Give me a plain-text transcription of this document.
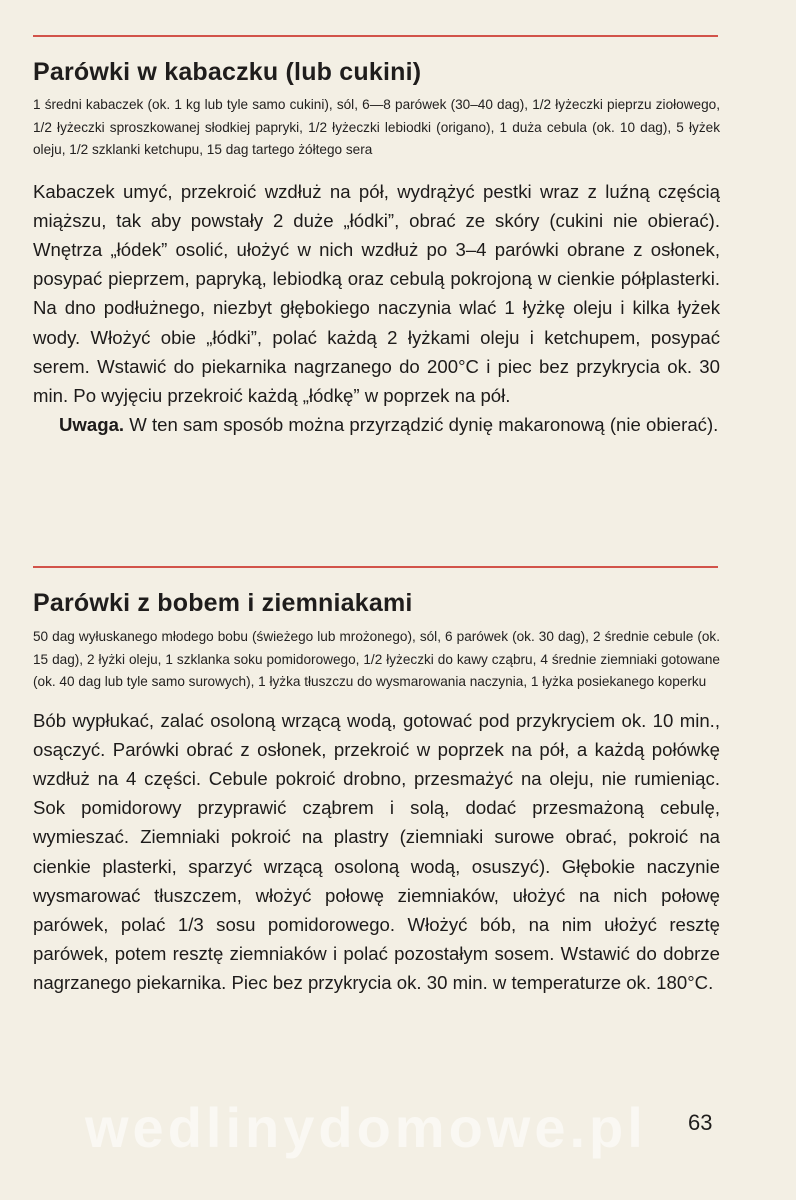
Parówki w kabaczku (lub cukini)

1 średni kabaczek (ok. 1 kg lub tyle samo cukini), sól, 6—8 parówek (30–40 dag), 1/2 łyżeczki pieprzu ziołowego, 1/2 łyżeczki sproszkowanej słodkiej papryki, 1/2 łyżeczki lebiodki (origano), 1 duża cebula (ok. 10 dag), 5 łyżek oleju, 1/2 szklanki ketchupu, 15 dag tartego żółtego sera

Kabaczek umyć, przekroić wzdłuż na pół, wydrążyć pestki wraz z luźną częścią miąższu, tak aby powstały 2 duże „łódki”, obrać ze skóry (cukini nie obierać). Wnętrza „łódek” osolić, ułożyć w nich wzdłuż po 3–4 parówki obrane z osłonek, posypać pieprzem, papryką, lebiodką oraz cebulą pokrojoną w cienkie półplasterki. Na dno podłużnego, niezbyt głębokiego naczynia wlać 1 łyżkę oleju i kilka łyżek wody. Włożyć obie „łódki”, polać każdą 2 łyżkami oleju i ketchupem, posypać serem. Wstawić do piekarnika nagrzanego do 200°C i piec bez przykrycia ok. 30 min. Po wyjęciu przekroić każdą „łódkę” w poprzek na pół.

Uwaga. W ten sam sposób można przyrządzić dynię makaronową (nie obierać).

Parówki z bobem i ziemniakami

50 dag wyłuskanego młodego bobu (świeżego lub mrożonego), sól, 6 parówek (ok. 30 dag), 2 średnie cebule (ok. 15 dag), 2 łyżki oleju, 1 szklanka soku pomidorowego, 1/2 łyżeczki do kawy cząbru, 4 średnie ziemniaki gotowane (ok. 40 dag lub tyle samo surowych), 1 łyżka tłuszczu do wysmarowania naczynia, 1 łyżka posiekanego koperku

Bób wypłukać, zalać osoloną wrzącą wodą, gotować pod przykryciem ok. 10 min., osączyć. Parówki obrać z osłonek, przekroić w poprzek na pół, a każdą połówkę wzdłuż na 4 części. Cebule pokroić drobno, przesmażyć na oleju, nie rumieniąc. Sok pomidorowy przyprawić cząbrem i solą, dodać przesmażoną cebulę, wymieszać. Ziemniaki pokroić na plastry (ziemniaki surowe obrać, pokroić na cienkie plasterki, sparzyć wrzącą osoloną wodą, osuszyć). Głębokie naczynie wysmarować tłuszczem, włożyć połowę ziemniaków, ułożyć na nich połowę parówek, polać 1/3 sosu pomidorowego. Włożyć bób, na nim ułożyć resztę parówek, potem resztę ziemniaków i polać pozostałym sosem. Wstawić do dobrze nagrzanego piekarnika. Piec bez przykrycia ok. 30 min. w temperaturze ok. 180°C.

wedlinydomowe.pl 63
